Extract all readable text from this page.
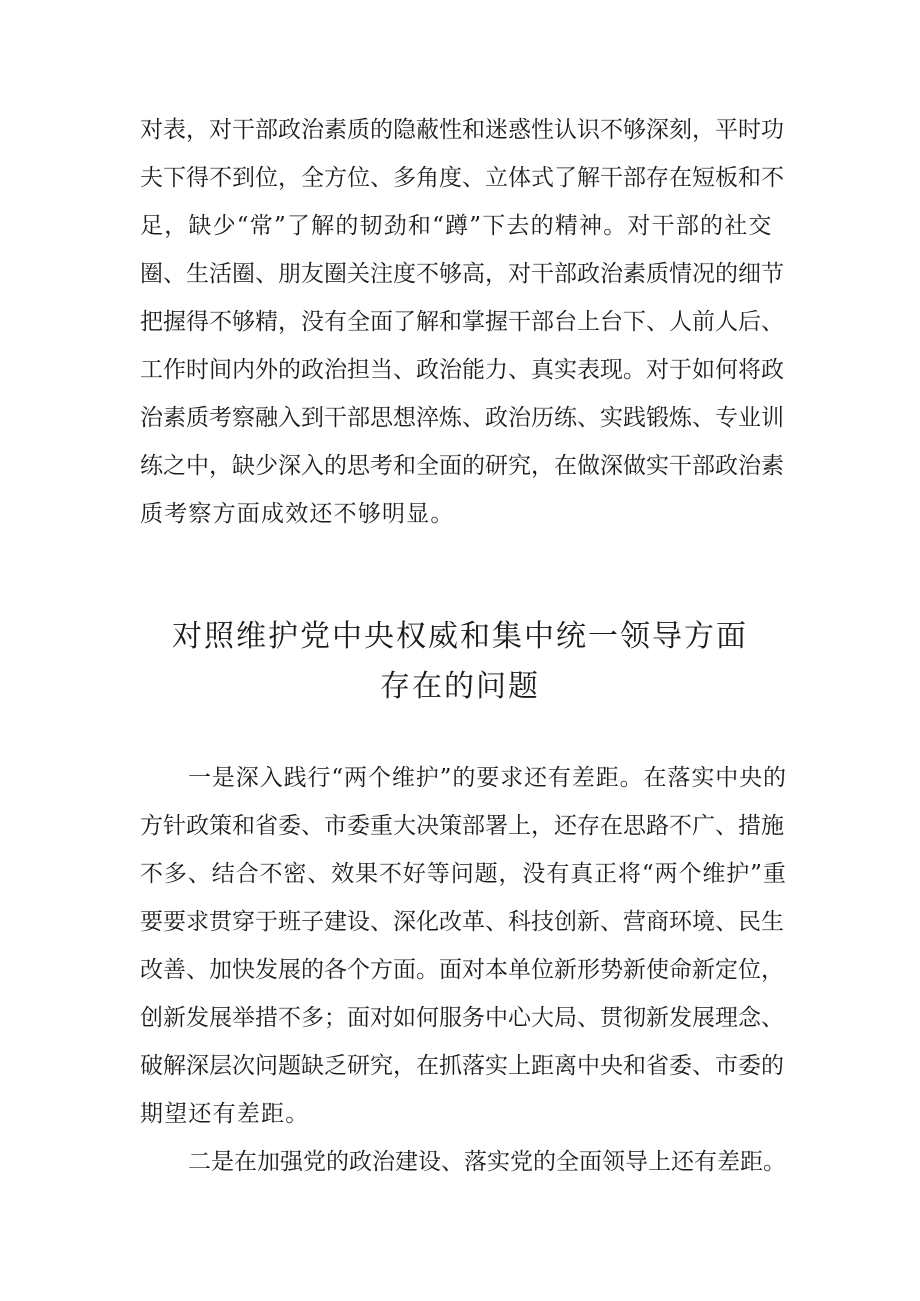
对表，对干部政治素质的隐蔽性和迷惑性认识不够深刻，平时功
夫下得不到位，全方位、多角度、立体式了解干部存在短板和不
足，缺少“常”了解的韧劲和“蹲”下去的精神。对干部的社交
圈、生活圈、朋友圈关注度不够高，对干部政治素质情况的细节
把握得不够精，没有全面了解和掌握干部台上台下、人前人后、
工作时间内外的政治担当、政治能力、真实表现。对于如何将政
治素质考察融入到干部思想淬炼、政治历练、实践锻炼、专业训
练之中，缺少深入的思考和全面的研究，在做深做实干部政治素
质考察方面成效还不够明显。
对照维护党中央权威和集中统一领导方面
存在的问题
一是深入践行“两个维护”的要求还有差距。在落实中央的
方针政策和省委、市委重大决策部署上，还存在思路不广、措施
不多、结合不密、效果不好等问题，没有真正将“两个维护”重
要要求贯穿于班子建设、深化改革、科技创新、营商环境、民生
改善、加快发展的各个方面。面对本单位新形势新使命新定位，
创新发展举措不多；面对如何服务中心大局、贯彻新发展理念、
破解深层次问题缺乏研究，在抓落实上距离中央和省委、市委的
期望还有差距。
二是在加强党的政治建设、落实党的全面领导上还有差距。
